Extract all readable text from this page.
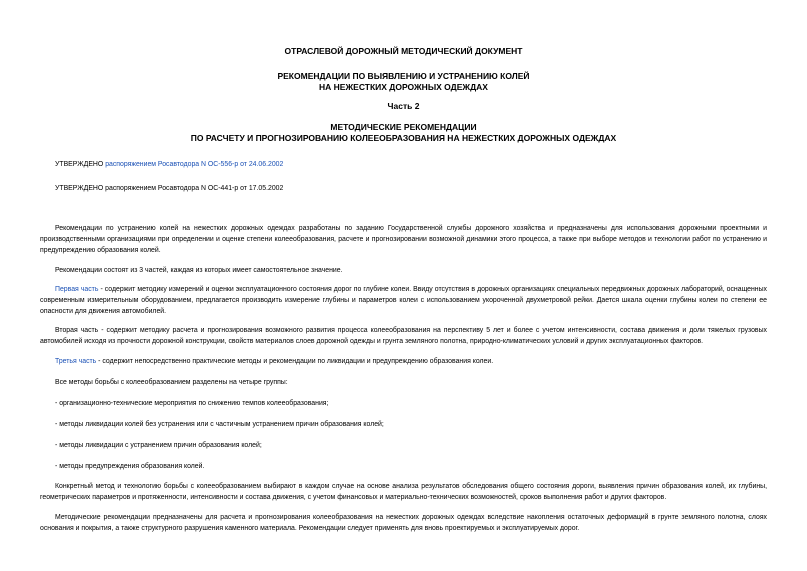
ОТРАСЛЕВОЙ ДОРОЖНЫЙ МЕТОДИЧЕСКИЙ ДОКУМЕНТ
РЕКОМЕНДАЦИИ ПО ВЫЯВЛЕНИЮ И УСТРАНЕНИЮ КОЛЕЙ
НА НЕЖЕСТКИХ ДОРОЖНЫХ ОДЕЖДАХ
Часть 2
МЕТОДИЧЕСКИЕ РЕКОМЕНДАЦИИ
ПО РАСЧЕТУ И ПРОГНОЗИРОВАНИЮ КОЛЕЕОБРАЗОВАНИЯ НА НЕЖЕСТКИХ ДОРОЖНЫХ ОДЕЖДАХ
УТВЕРЖДЕНО распоряжением Росавтодора N ОС-556-р от 24.06.2002
УТВЕРЖДЕНО распоряжением Росавтодора N ОС-441-р от 17.05.2002
Рекомендации по устранению колей на нежестких дорожных одеждах разработаны по заданию Государственной службы дорожного хозяйства и предназначены для использования дорожными проектными и производственными организациями при определении и оценке степени колееобразования, расчете и прогнозировании возможной динамики этого процесса, а также при выборе методов и технологии работ по устранению и предупреждению образования колей.
Рекомендации состоят из 3 частей, каждая из которых имеет самостоятельное значение.
Первая часть - содержит методику измерений и оценки эксплуатационного состояния дорог по глубине колеи. Ввиду отсутствия в дорожных организациях специальных передвижных дорожных лабораторий, оснащенных современным измерительным оборудованием, предлагается производить измерение глубины и параметров колеи с использованием укороченной двухметровой рейки. Дается шкала оценки глубины колеи по степени ее опасности для движения автомобилей.
Вторая часть - содержит методику расчета и прогнозирования возможного развития процесса колееобразования на перспективу 5 лет и более с учетом интенсивности, состава движения и доли тяжелых грузовых автомобилей исходя из прочности дорожной конструкции, свойств материалов слоев дорожной одежды и грунта земляного полотна, природно-климатических условий и других эксплуатационных факторов.
Третья часть - содержит непосредственно практические методы и рекомендации по ликвидации и предупреждению образования колеи.
Все методы борьбы с колееобразованием разделены на четыре группы:
- организационно-технические мероприятия по снижению темпов колееобразования;
- методы ликвидации колей без устранения или с частичным устранением причин образования колей;
- методы ликвидации с устранением причин образования колей;
- методы предупреждения образования колей.
Конкретный метод и технологию борьбы с колееобразованием выбирают в каждом случае на основе анализа результатов обследования общего состояния дороги, выявления причин образования колей, их глубины, геометрических параметров и протяженности, интенсивности и состава движения, с учетом финансовых и материально-технических возможностей, сроков выполнения работ и других факторов.
Методические рекомендации предназначены для расчета и прогнозирования колееобразования на нежестких дорожных одеждах вследствие накопления остаточных деформаций в грунте земляного полотна, слоях основания и покрытия, а также структурного разрушения каменного материала. Рекомендации следует применять для вновь проектируемых и эксплуатируемых дорог.
